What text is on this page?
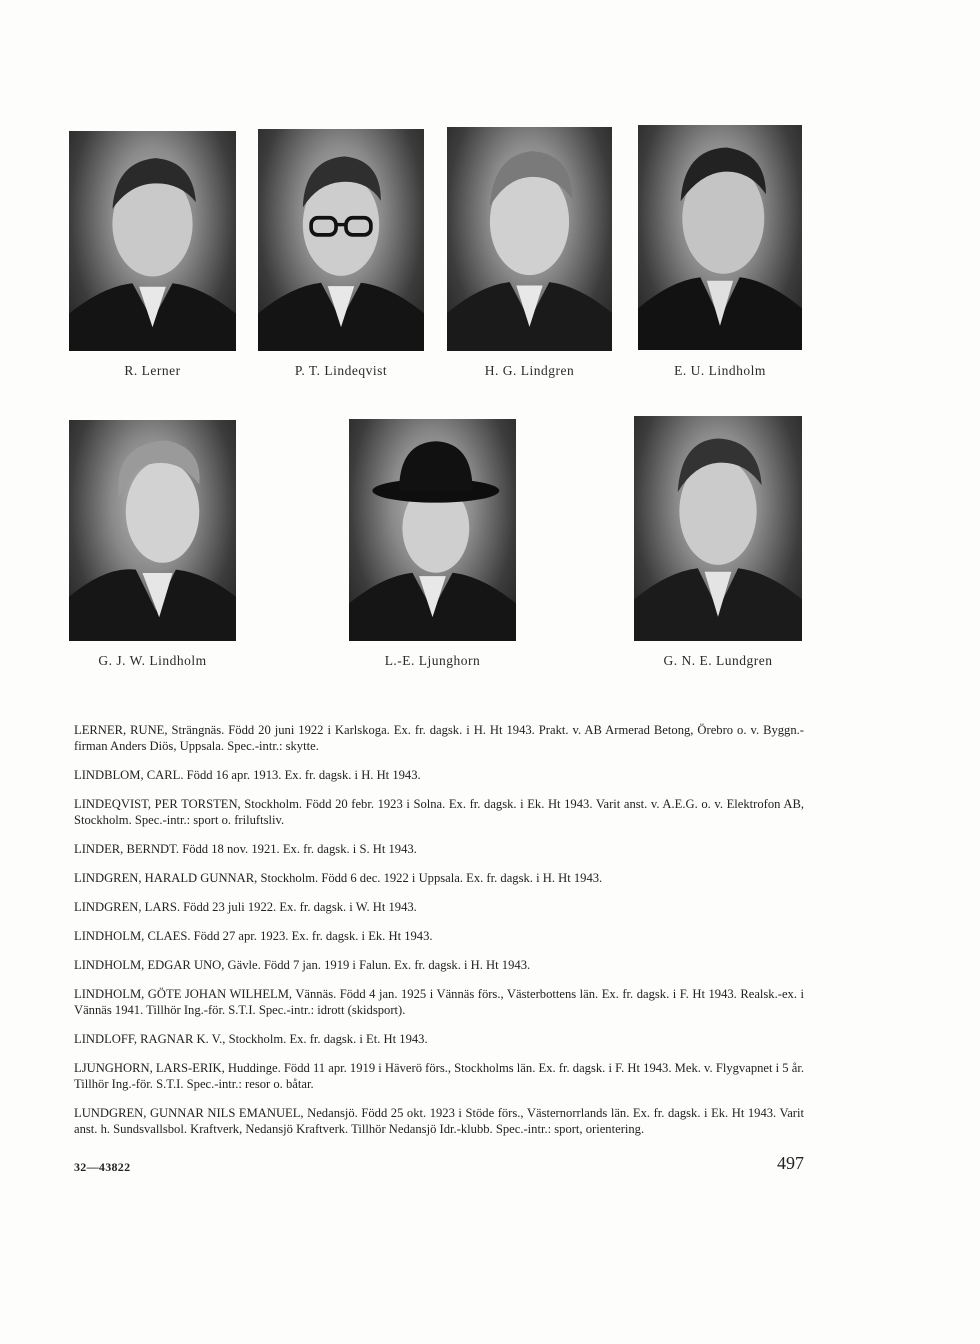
R. Lerner	P. T. Lindeqvist	H. G. Lindgren	E. U. Lindholm
G. J. W. Lindholm	L.-E. Ljunghorn	G. N. E. Lundgren

LERNER, RUNE, Strängnäs. Född 20 juni 1922 i Karlskoga. Ex. fr. dagsk. i H. Ht 1943. Prakt. v. AB Armerad Betong, Örebro o. v. Byggn.-firman Anders Diös, Uppsala. Spec.-intr.: skytte.

LINDBLOM, CARL. Född 16 apr. 1913. Ex. fr. dagsk. i H. Ht 1943.

LINDEQVIST, PER TORSTEN, Stockholm. Född 20 febr. 1923 i Solna. Ex. fr. dagsk. i Ek. Ht 1943. Varit anst. v. A.E.G. o. v. Elektrofon AB, Stockholm. Spec.-intr.: sport o. friluftsliv.

LINDER, BERNDT. Född 18 nov. 1921. Ex. fr. dagsk. i S. Ht 1943.

LINDGREN, HARALD GUNNAR, Stockholm. Född 6 dec. 1922 i Uppsala. Ex. fr. dagsk. i H. Ht 1943.

LINDGREN, LARS. Född 23 juli 1922. Ex. fr. dagsk. i W. Ht 1943.

LINDHOLM, CLAES. Född 27 apr. 1923. Ex. fr. dagsk. i Ek. Ht 1943.

LINDHOLM, EDGAR UNO, Gävle. Född 7 jan. 1919 i Falun. Ex. fr. dagsk. i H. Ht 1943.

LINDHOLM, GÖTE JOHAN WILHELM, Vännäs. Född 4 jan. 1925 i Vännäs förs., Västerbottens län. Ex. fr. dagsk. i F. Ht 1943. Realsk.-ex. i Vännäs 1941. Tillhör Ing.-för. S.T.I. Spec.-intr.: idrott (skidsport).

LINDLOFF, RAGNAR K. V., Stockholm. Ex. fr. dagsk. i Et. Ht 1943.

LJUNGHORN, LARS-ERIK, Huddinge. Född 11 apr. 1919 i Häverö förs., Stockholms län. Ex. fr. dagsk. i F. Ht 1943. Mek. v. Flygvapnet i 5 år. Tillhör Ing.-för. S.T.I. Spec.-intr.: resor o. båtar.

LUNDGREN, GUNNAR NILS EMANUEL, Nedansjö. Född 25 okt. 1923 i Stöde förs., Västernorrlands län. Ex. fr. dagsk. i Ek. Ht 1943. Varit anst. h. Sundsvallsbol. Kraftverk, Nedansjö Kraftverk. Tillhör Nedansjö Idr.-klubb. Spec.-intr.: sport, orientering.

32—43822	497
